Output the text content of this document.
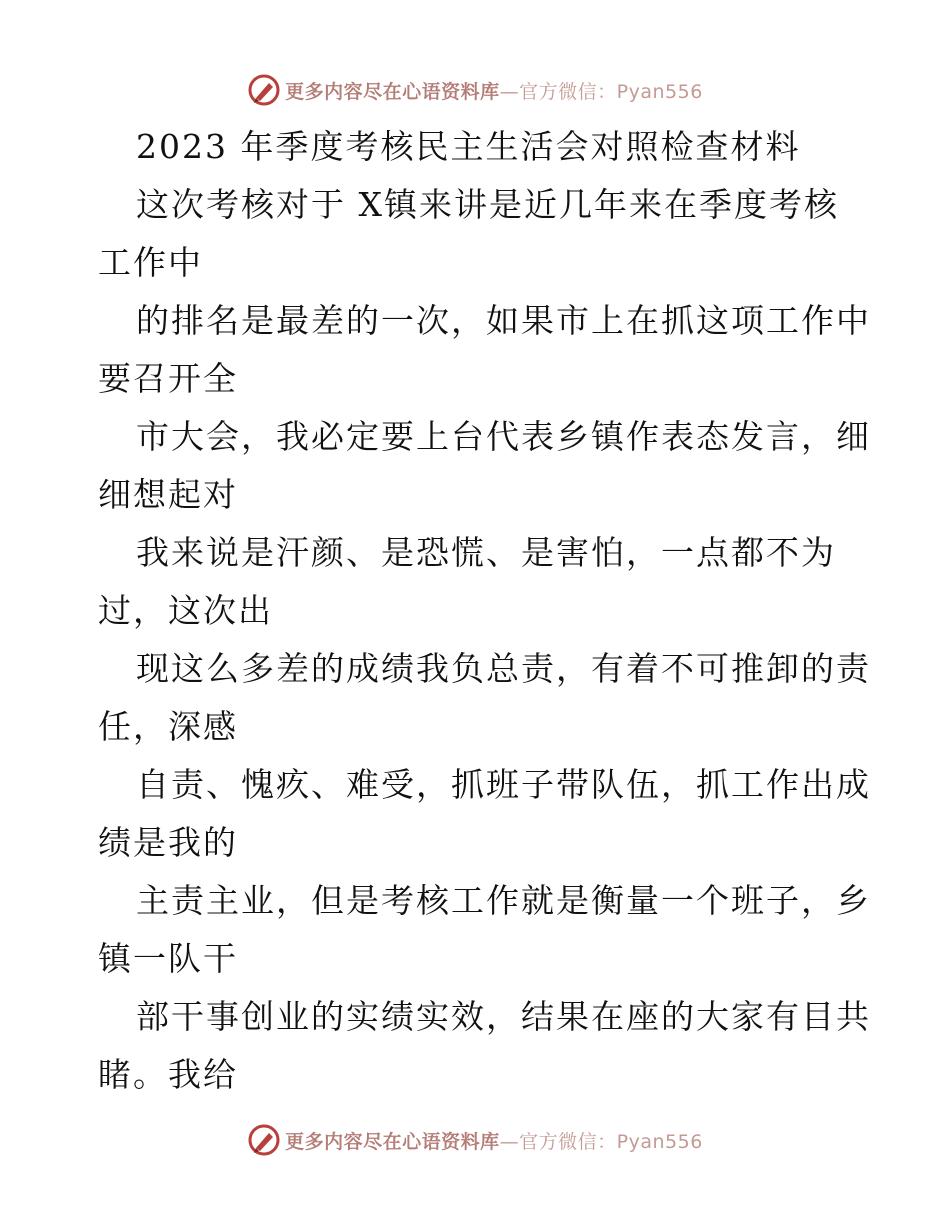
更多内容尽在心语资料库—官方微信：Pyan556
2023 年季度考核民主生活会对照检查材料
这次考核对于 X镇来讲是近几年来在季度考核
工作中
的排名是最差的一次，如果市上在抓这项工作中
要召开全
市大会，我必定要上台代表乡镇作表态发言，细
细想起对
我来说是汗颜、是恐慌、是害怕，一点都不为
过，这次出
现这么多差的成绩我负总责，有着不可推卸的责
任，深感
自责、愧疚、难受，抓班子带队伍，抓工作出成
绩是我的
主责主业，但是考核工作就是衡量一个班子，乡
镇一队干
部干事创业的实绩实效，结果在座的大家有目共
睹。我给
更多内容尽在心语资料库—官方微信：Pyan556
